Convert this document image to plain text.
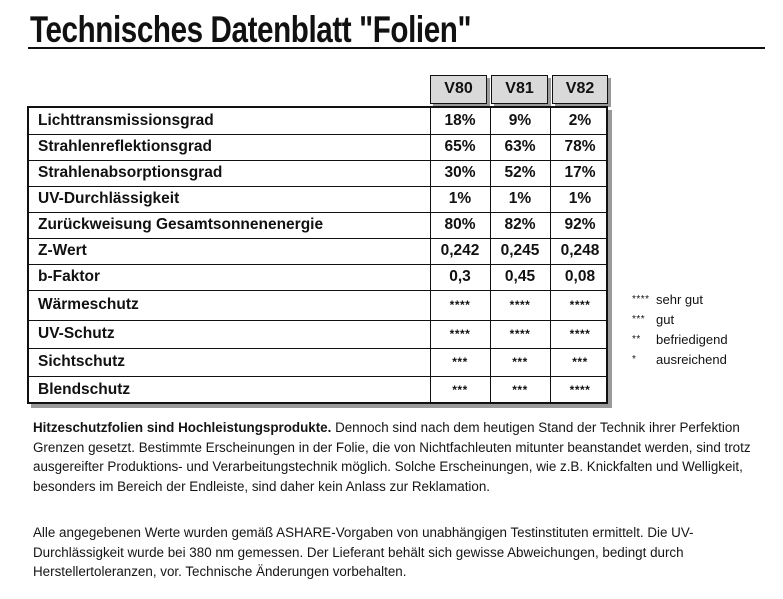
Technisches Datenblatt "Folien"
V80	V81	V82
Lichttransmissionsgrad	18%	9%	2%
Strahlenreflektionsgrad	65%	63%	78%
Strahlenabsorptionsgrad	30%	52%	17%
UV-Durchlässigkeit	1%	1%	1%
Zurückweisung Gesamtsonnenenergie	80%	82%	92%
Z-Wert	0,242	0,245	0,248
b-Faktor	0,3	0,45	0,08
Wärmeschutz	****	****	****
UV-Schutz	****	****	****
Sichtschutz	***	***	***
Blendschutz	***	***	****
**** sehr gut
*** gut
**	befriedigend
*	ausreichend
Hitzeschutzfolien sind Hochleistungsprodukte. Dennoch sind nach dem heutigen Stand der Technik ihrer Perfektion Grenzen gesetzt. Bestimmte Erscheinungen in der Folie, die von Nichtfachleuten mitunter beanstandet werden, sind trotz ausgereifter Produktions- und Verarbeitungstechnik möglich. Solche Erscheinungen, wie z.B. Knickfalten und Welligkeit, besonders im Bereich der Endleiste, sind daher kein Anlass zur Reklamation.
Alle angegebenen Werte wurden gemäß ASHARE-Vorgaben von unabhängigen Testinstituten ermittelt. Die UV-Durchlässigkeit wurde bei 380 nm gemessen. Der Lieferant behält sich gewisse Abweichungen, bedingt durch Herstellertoleranzen, vor. Technische Änderungen vorbehalten.
